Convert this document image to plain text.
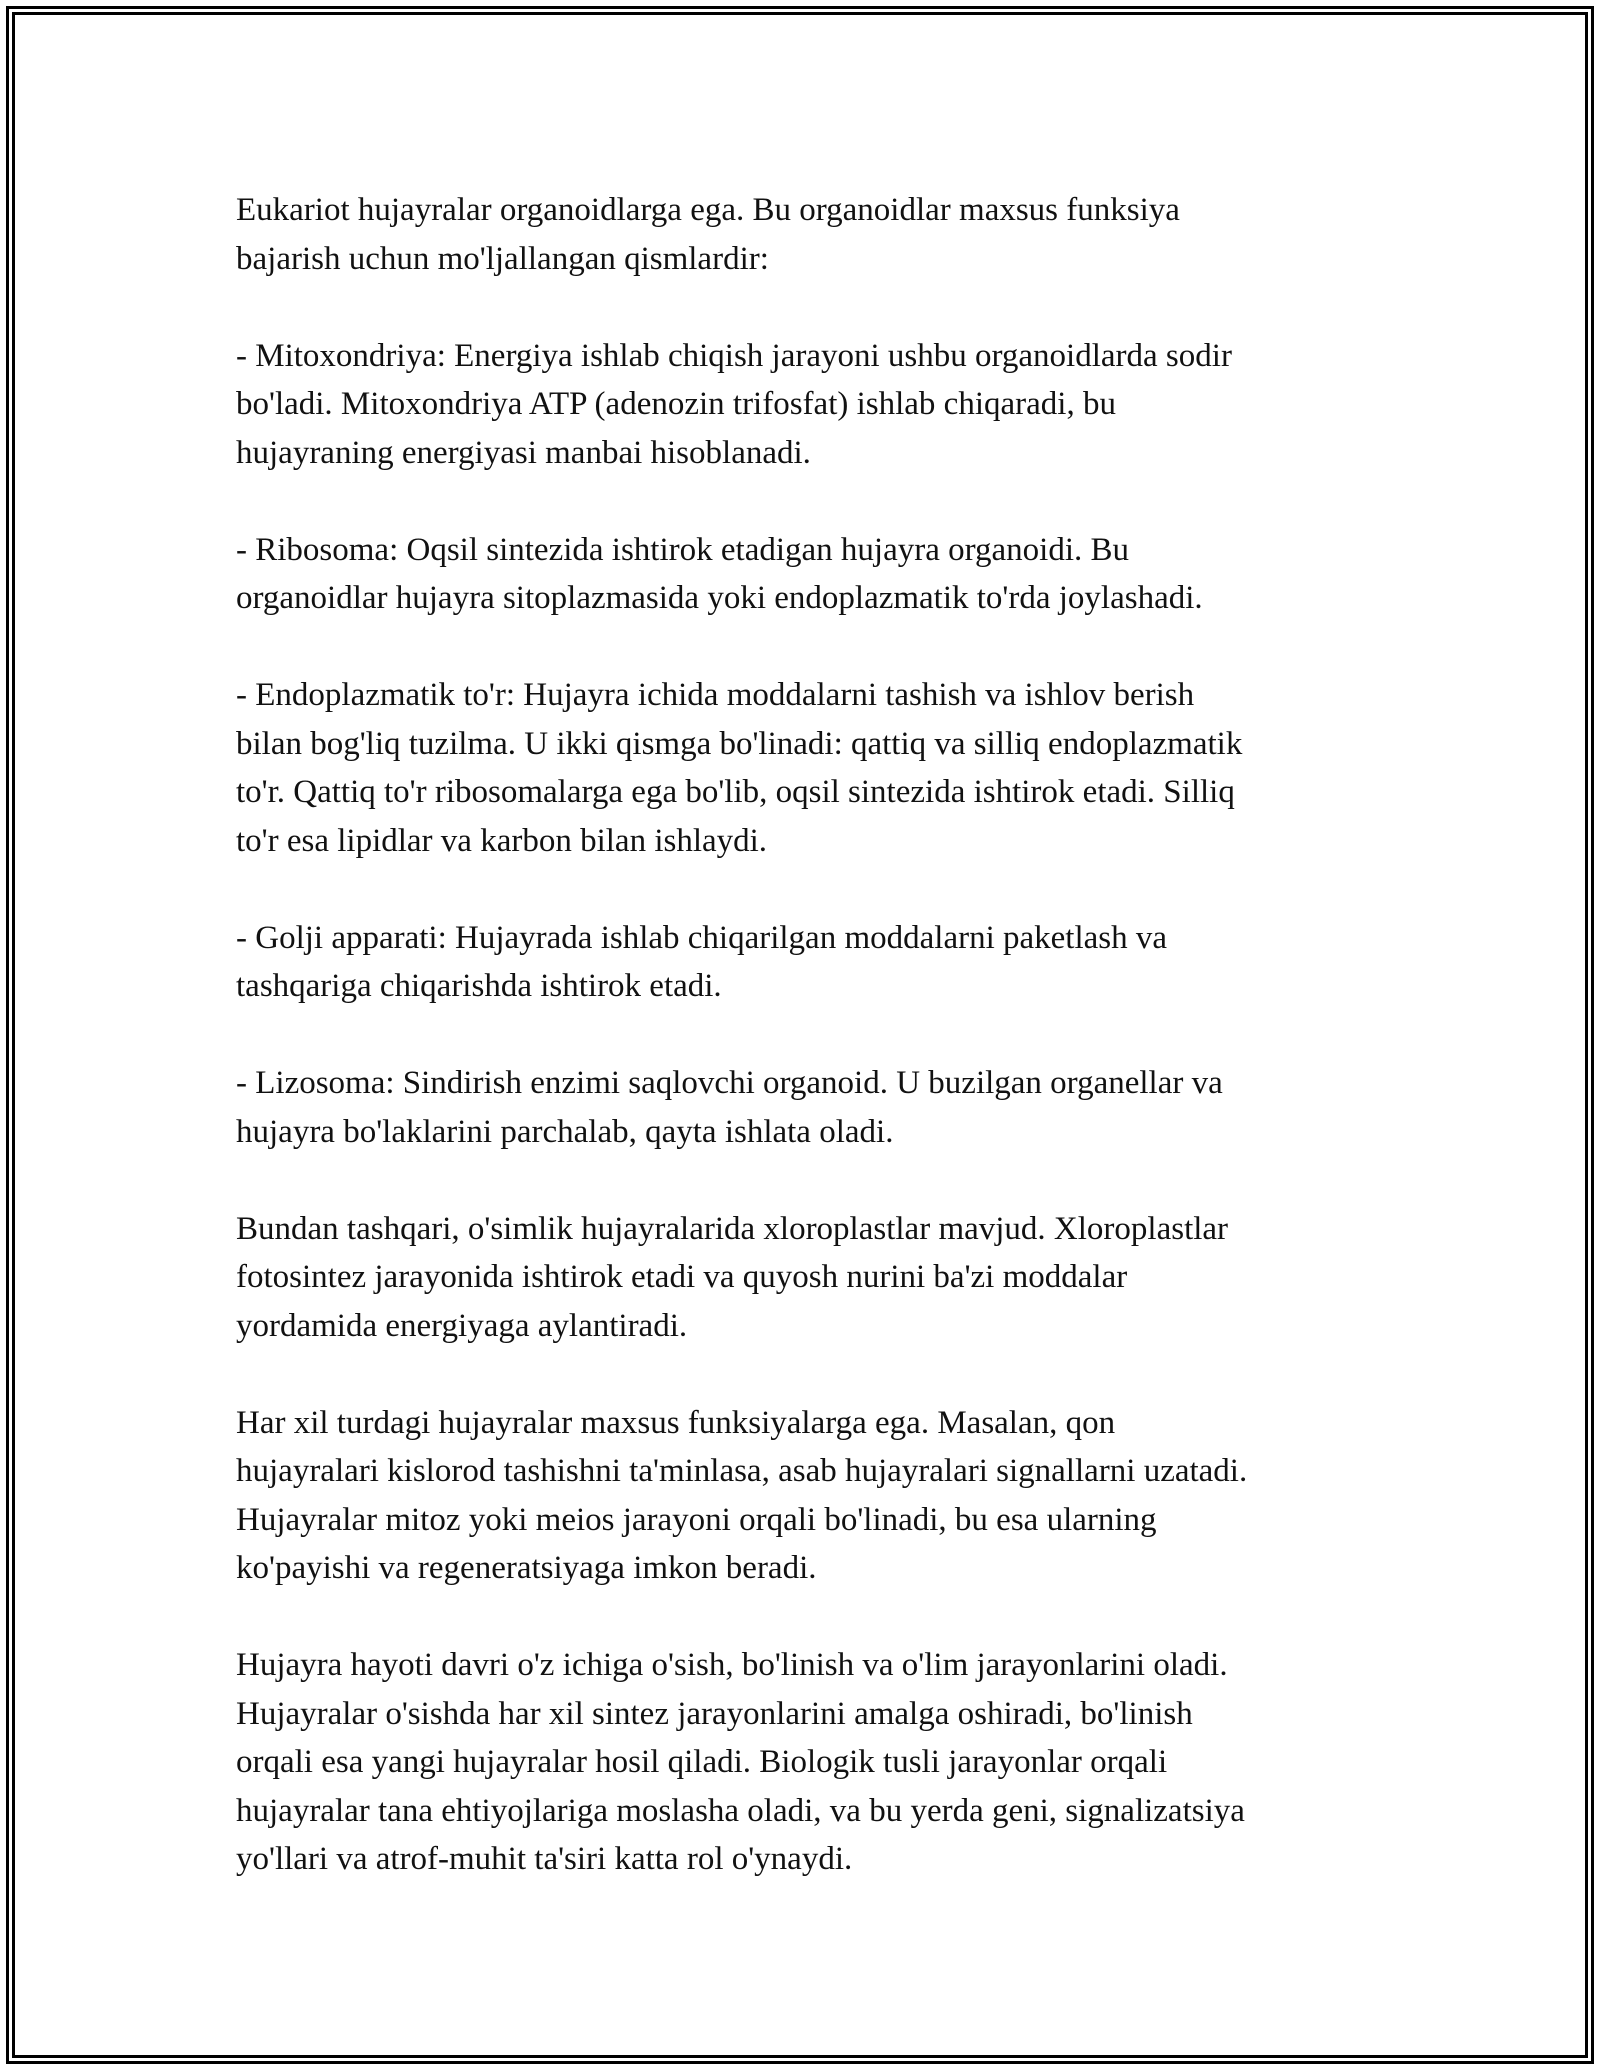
Eukariot hujayralar organoidlarga ega. Bu organoidlar maxsus funksiya
bajarish uchun mo'ljallangan qismlardir:

- Mitoxondriya: Energiya ishlab chiqish jarayoni ushbu organoidlarda sodir
bo'ladi. Mitoxondriya ATP (adenozin trifosfat) ishlab chiqaradi, bu
hujayraning energiyasi manbai hisoblanadi.

- Ribosoma: Oqsil sintezida ishtirok etadigan hujayra organoidi. Bu
organoidlar hujayra sitoplazmasida yoki endoplazmatik to'rda joylashadi.

- Endoplazmatik to'r: Hujayra ichida moddalarni tashish va ishlov berish
bilan bog'liq tuzilma. U ikki qismga bo'linadi: qattiq va silliq endoplazmatik
to'r. Qattiq to'r ribosomalarga ega bo'lib, oqsil sintezida ishtirok etadi. Silliq
to'r esa lipidlar va karbon bilan ishlaydi.

- Golji apparati: Hujayrada ishlab chiqarilgan moddalarni paketlash va
tashqariga chiqarishda ishtirok etadi.

- Lizosoma: Sindirish enzimi saqlovchi organoid. U buzilgan organellar va
hujayra bo'laklarini parchalab, qayta ishlata oladi.

Bundan tashqari, o'simlik hujayralarida xloroplastlar mavjud. Xloroplastlar
fotosintez jarayonida ishtirok etadi va quyosh nurini ba'zi moddalar
yordamida energiyaga aylantiradi.

Har xil turdagi hujayralar maxsus funksiyalarga ega. Masalan, qon
hujayralari kislorod tashishni ta'minlasa, asab hujayralari signallarni uzatadi.
Hujayralar mitoz yoki meios jarayoni orqali bo'linadi, bu esa ularning
ko'payishi va regeneratsiyaga imkon beradi.

Hujayra hayoti davri o'z ichiga o'sish, bo'linish va o'lim jarayonlarini oladi.
Hujayralar o'sishda har xil sintez jarayonlarini amalga oshiradi, bo'linish
orqali esa yangi hujayralar hosil qiladi. Biologik tusli jarayonlar orqali
hujayralar tana ehtiyojlariga moslasha oladi, va bu yerda geni, signalizatsiya
yo'llari va atrof-muhit ta'siri katta rol o'ynaydi.
